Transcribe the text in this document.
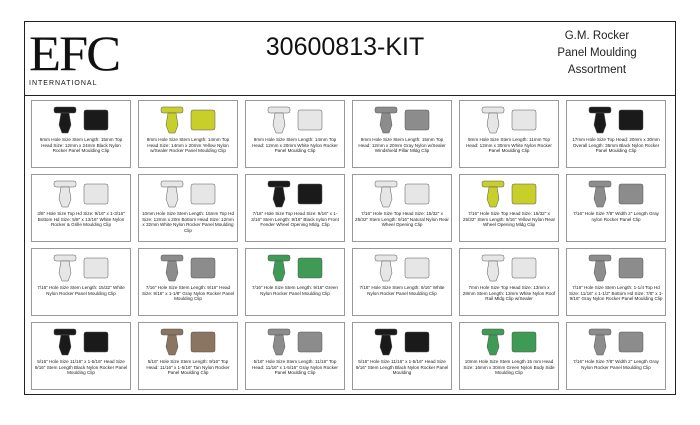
EFC
INTERNATIONAL
30600813-KIT	G.M. Rocker
Panel Moulding
Assortment
9mm Hole Size Stem Length: 15mm Top Head Size: 12mm x 24mm Black Nylon Rocker Panel Moulding Clip
9mm Hole Size Stem Length: 14mm Top Head Size: 14mm x 20mm Yellow Nylon w/Sealer Rocker Panel Moulding Clip
9mm Hole Size Stem Length: 14mm Top Head: 12mm x 20mm White Nylon Rocker Panel Moulding Clip
9mm Hole Size Stem Length: 15mm Top Head: 12mm x 20mm Gray Nylon w/Sealer Windshield Pillar Mldg Clip
9mm Hole Size Stem Length: 11mm Top Head: 12mm x 30mm White Nylon Rocker Panel Moulding Clip
17mm Hole Size Top Head: 20mm x 30mm Overall Length: 35mm Black Nylon Rocker Panel Moulding Clip
3/8" Hole Size Top Hd Size: 9/16" x 1-3/16" Bottom Hd Size: 5/8" x 13/16" White Nylon Rocker & Grille Moulding Clip
10mm Hole Size Stem Length: 15mm Top Hd Size: 12mm x 20m Bottom Head Size: 12mm x 32mm White Nylon Rocker Panel Moulding Clip
7/16" Hole Size Top Head Size: 9/16" x 1-3/16" Stem Length: 9/16" Black nylon Front Fender Wheel Opening Mldg. Clip
7/16" Hole Size Top Head Size: 15/32" x 25/32" Stem Length: 9/16" Natural Nylon Rear Wheel Opening Clip
7/16" Hole Size Top Head Size: 15/32" x 25/32" Stem Length: 9/16" Yellow Nylon Rear Wheel Opening Mldg Clip
7/16" Hole Size 7/8" Width 2" Length Gray nylon Rocker Panel Clip
7/16" Hole Size Stem Length: 15/32" White Nylon Rocker Panel Moulding Clip
7/16" Hole Size Stem Length: 9/16" Head Size: 9/16" x 1-1/8" Gray Nylon Rocker Panel Moulding Clip
7/16" Hole Size Stem Length: 9/16" Green Nylon Rocker Panel Moulding Clip
7/16" Hole Size Stem Length: 9/16" White Nylon Rocker Panel Moulding Clip
7mm Hole Size Top Head Size: 13mm x 28mm Stem Length: 13mm White Nylon Roof Rail Mldg Clip w/Sealer
7/16" Hole Size Stem Length: 1-1/4 Top Hd Size: 11/16" x 1-1/2" Bottom Hd Size: 7/8" x 1-9/16" Gray Nylon Rocker Panel Moulding Clip
5/16" Hole Size 11/16" x 1-5/16" Head Size 9/16" Stem Length Black Nylon Rocker Panel Moulding Clip
5/16" Hole Size Stem Length: 9/16" Top Head: 11/16" x 1-5/16" Tan Nylon Rocker Panel Moulding Clip
5/16" Hole Size Stem Length: 11/16" Top Head: 11/16" x 1-5/16" Gray Nylon Rocker Panel Moulding Clip
5/16" Hole Size 11/16" x 1-5/16" Head Size 9/16" Stem Length Black Nylon Rocker Panel Moulding
10mm Hole Size Stem Length 15 mm Head Size: 16mm x 30mm Green Nylon Body Side Moulding Clip
7/16" Hole Size 7/8" Width 2" Length Gray Nylon Rocker Panel Moulding Clip
